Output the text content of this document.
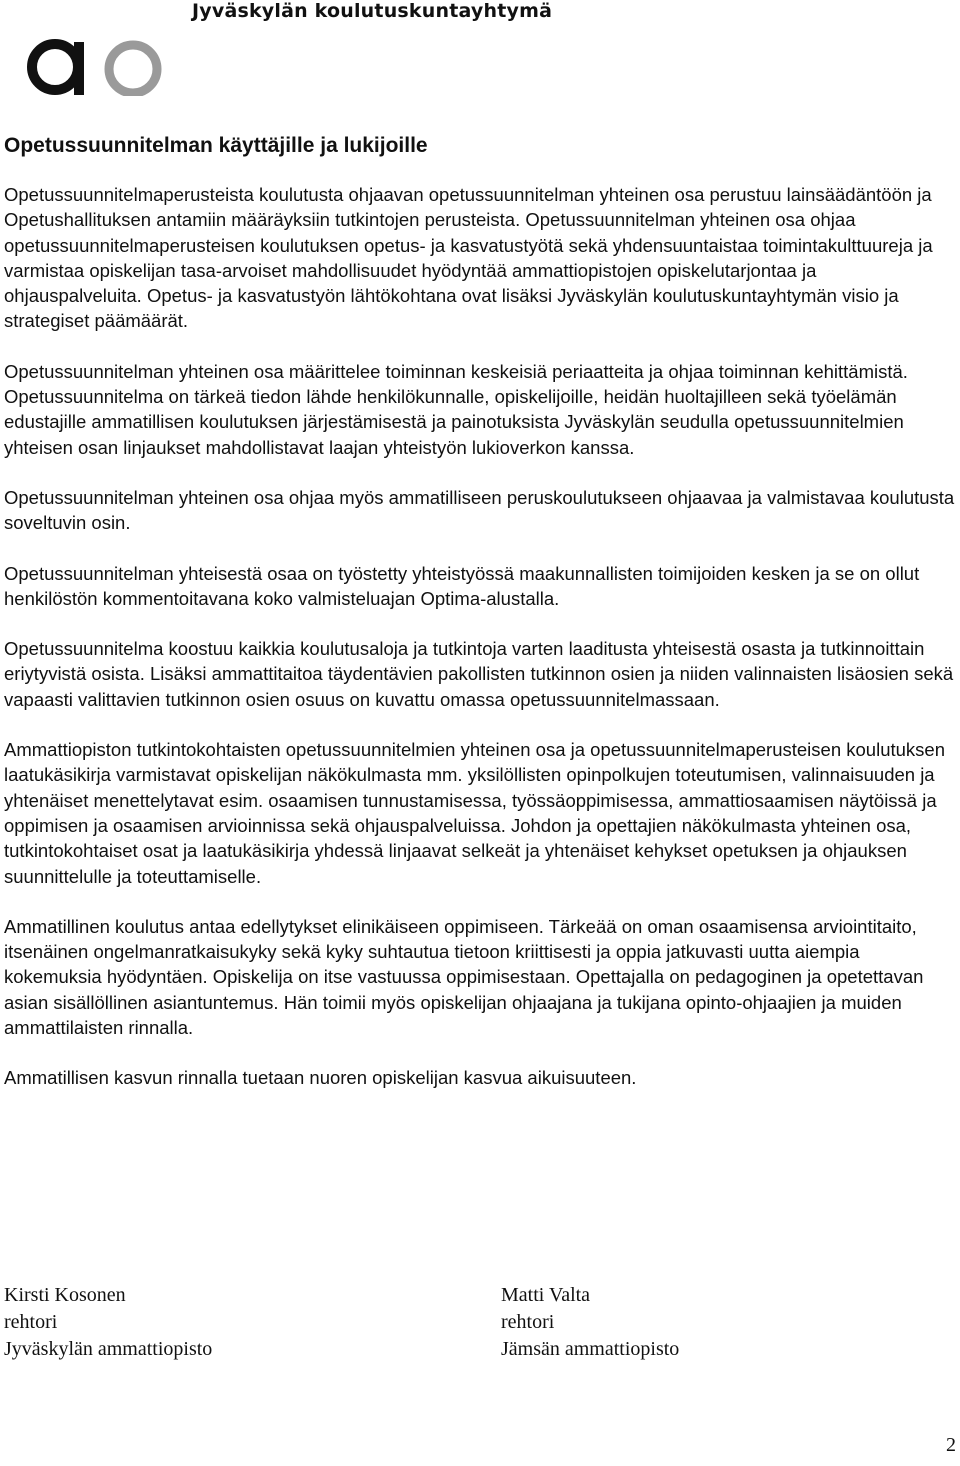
Jyväskylän koulutuskuntayhtymä
Opetussuunnitelman käyttäjille ja lukijoille

Opetussuunnitelmaperusteista koulutusta ohjaavan opetussuunnitelman yhteinen osa perustuu lainsäädäntöön ja Opetushallituksen antamiin määräyksiin tutkintojen perusteista. Opetussuunnitelman yhteinen osa ohjaa opetussuunnitelmaperusteisen koulutuksen opetus- ja kasvatustyötä sekä yhdensuuntaistaa toimintakulttuureja ja varmistaa opiskelijan tasa-arvoiset mahdollisuudet hyödyntää ammattiopistojen opiskelutarjontaa ja ohjauspalveluita. Opetus- ja kasvatustyön lähtökohtana ovat lisäksi Jyväskylän koulutuskuntayhtymän visio ja strategiset päämäärät.

Opetussuunnitelman yhteinen osa määrittelee toiminnan keskeisiä periaatteita ja ohjaa toiminnan kehittämistä. Opetussuunnitelma on tärkeä tiedon lähde henkilökunnalle, opiskelijoille, heidän huoltajilleen sekä työelämän edustajille ammatillisen koulutuksen järjestämisestä ja painotuksista Jyväskylän seudulla opetussuunnitelmien yhteisen osan linjaukset mahdollistavat laajan yhteistyön lukioverkon kanssa.

Opetussuunnitelman yhteinen osa ohjaa myös ammatilliseen peruskoulutukseen ohjaavaa ja valmistavaa koulutusta soveltuvin osin.

Opetussuunnitelman yhteisestä osaa on työstetty yhteistyössä maakunnallisten toimijoiden kesken ja se on ollut henkilöstön kommentoitavana koko valmisteluajan Optima-alustalla.

Opetussuunnitelma koostuu kaikkia koulutusaloja ja tutkintoja varten laaditusta yhteisestä osasta ja tutkinnoittain eriytyvistä osista. Lisäksi ammattitaitoa täydentävien pakollisten tutkinnon osien ja niiden valinnaisten lisäosien sekä vapaasti valittavien tutkinnon osien osuus on kuvattu omassa opetussuunnitelmassaan.

Ammattiopiston tutkintokohtaisten opetussuunnitelmien yhteinen osa ja opetussuunnitelmaperusteisen koulutuksen laatukäsikirja varmistavat opiskelijan näkökulmasta mm. yksilöllisten opinpolkujen toteutumisen, valinnaisuuden ja yhtenäiset menettelytavat esim. osaamisen tunnustamisessa, työssäoppimisessa, ammattiosaamisen näytöissä ja oppimisen ja osaamisen arvioinnissa sekä ohjauspalveluissa. Johdon ja opettajien näkökulmasta yhteinen osa, tutkintokohtaiset osat ja laatukäsikirja yhdessä linjaavat selkeät ja yhtenäiset kehykset opetuksen ja ohjauksen suunnittelulle ja toteuttamiselle.

Ammatillinen koulutus antaa edellytykset elinikäiseen oppimiseen. Tärkeää on oman osaamisensa arviointitaito, itsenäinen ongelmanratkaisukyky sekä kyky suhtautua tietoon kriittisesti ja oppia jatkuvasti uutta aiempia kokemuksia hyödyntäen. Opiskelija on itse vastuussa oppimisestaan. Opettajalla on pedagoginen ja opetettavan asian sisällöllinen asiantuntemus. Hän toimii myös opiskelijan ohjaajana ja tukijana opinto-ohjaajien ja muiden ammattilaisten rinnalla.

Ammatillisen kasvun rinnalla tuetaan nuoren opiskelijan kasvua aikuisuuteen.

Kirsti Kosonen
rehtori
Jyväskylän ammattiopisto
Matti Valta
rehtori
Jämsän ammattiopisto
2
